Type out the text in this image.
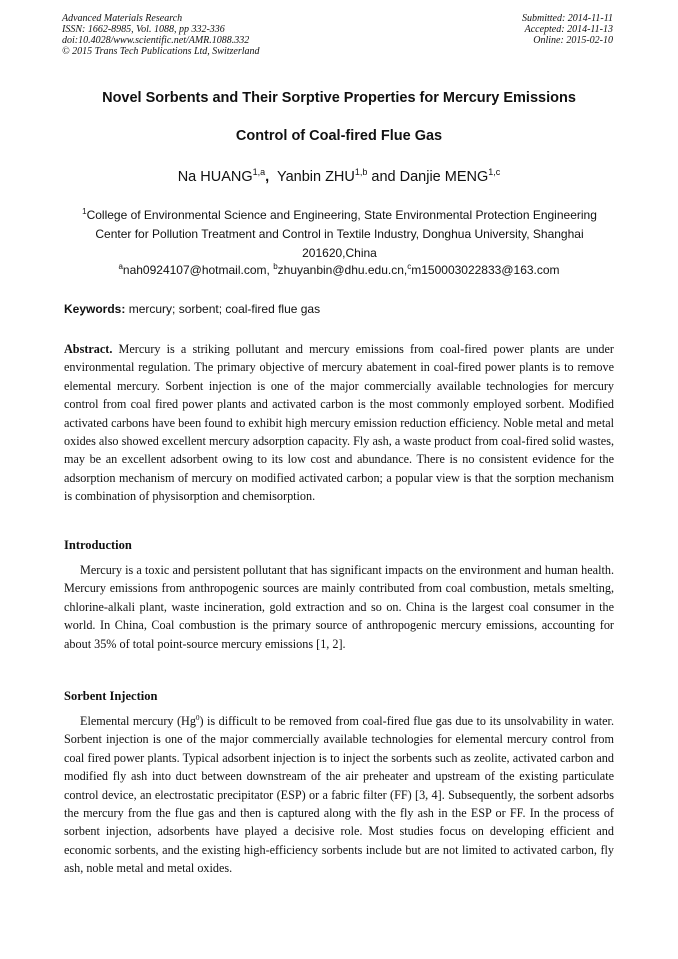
Advanced Materials Research
ISSN: 1662-8985, Vol. 1088, pp 332-336
doi:10.4028/www.scientific.net/AMR.1088.332
© 2015 Trans Tech Publications Ltd, Switzerland
Submitted: 2014-11-11
Accepted: 2014-11-13
Online: 2015-02-10
Novel Sorbents and Their Sorptive Properties for Mercury Emissions
Control of Coal-fired Flue Gas
Na HUANG$^{1,a}$, Yanbin ZHU$^{1,b}$ and Danjie MENG$^{1,c}$
$^1$College of Environmental Science and Engineering, State Environmental Protection Engineering Center for Pollution Treatment and Control in Textile Industry, Donghua University, Shanghai 201620,China
$^a$nah0924107@hotmail.com, $^b$zhuyanbin@dhu.edu.cn,$^c$m150003022833@163.com
Keywords: mercury; sorbent; coal-fired flue gas
Abstract. Mercury is a striking pollutant and mercury emissions from coal-fired power plants are under environmental regulation. The primary objective of mercury abatement in coal-fired power plants is to remove elemental mercury. Sorbent injection is one of the major commercially available technologies for mercury control from coal fired power plants and activated carbon is the most commonly employed sorbent. Modified activated carbons have been found to exhibit high mercury emission reduction efficiency. Noble metal and metal oxides also showed excellent mercury adsorption capacity. Fly ash, a waste product from coal-fired solid wastes, may be an excellent adsorbent owing to its low cost and abundance. There is no consistent evidence for the adsorption mechanism of mercury on modified activated carbon; a popular view is that the sorption mechanism is combination of physisorption and chemisorption.
Introduction
Mercury is a toxic and persistent pollutant that has significant impacts on the environment and human health. Mercury emissions from anthropogenic sources are mainly contributed from coal combustion, metals smelting, chlorine-alkali plant, waste incineration, gold extraction and so on. China is the largest coal consumer in the world. In China, Coal combustion is the primary source of anthropogenic mercury emissions, accounting for about 35% of total point-source mercury emissions [1, 2].
Sorbent Injection
Elemental mercury (Hg$^0$) is difficult to be removed from coal-fired flue gas due to its unsolvability in water. Sorbent injection is one of the major commercially available technologies for elemental mercury control from coal fired power plants. Typical adsorbent injection is to inject the sorbents such as zeolite, activated carbon and modified fly ash into duct between downstream of the air preheater and upstream of the existing particulate control device, an electrostatic precipitator (ESP) or a fabric filter (FF) [3, 4]. Subsequently, the sorbent adsorbs the mercury from the flue gas and then is captured along with the fly ash in the ESP or FF. In the process of sorbent injection, adsorbents have played a decisive role. Most studies focus on developing efficient and economic sorbents, and the existing high-efficiency sorbents include but are not limited to activated carbon, fly ash, noble metal and metal oxides.
